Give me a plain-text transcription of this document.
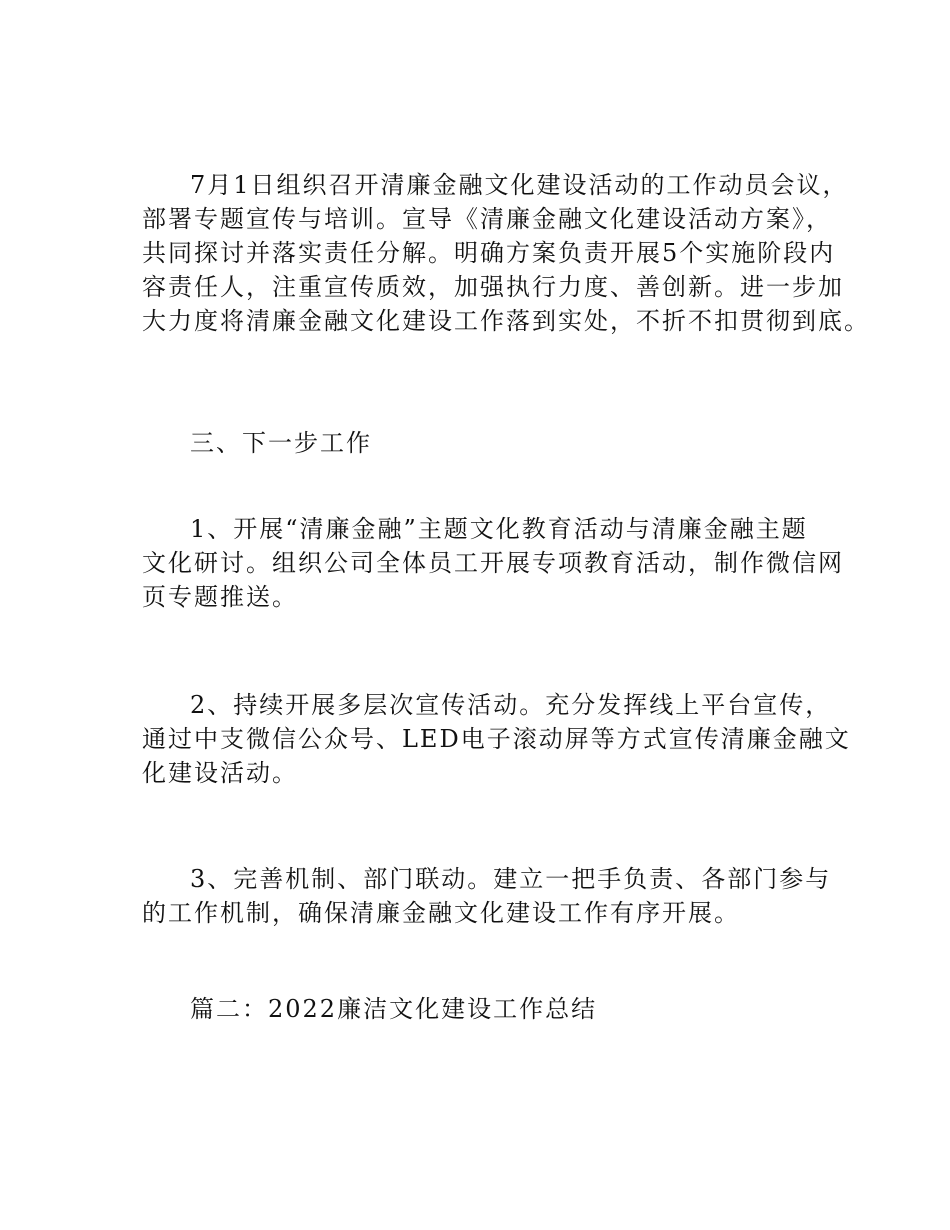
7月1日组织召开清廉金融文化建设活动的工作动员会议，
部署专题宣传与培训。宣导《清廉金融文化建设活动方案》，
共同探讨并落实责任分解。明确方案负责开展5个实施阶段内
容责任人，注重宣传质效，加强执行力度、善创新。进一步加
大力度将清廉金融文化建设工作落到实处，不折不扣贯彻到底。
三、下一步工作
1、开展“清廉金融”主题文化教育活动与清廉金融主题
文化研讨。组织公司全体员工开展专项教育活动，制作微信网
页专题推送。
2、持续开展多层次宣传活动。充分发挥线上平台宣传，
通过中支微信公众号、LED电子滚动屏等方式宣传清廉金融文
化建设活动。
3、完善机制、部门联动。建立一把手负责、各部门参与
的工作机制，确保清廉金融文化建设工作有序开展。
篇二：2022廉洁文化建设工作总结
